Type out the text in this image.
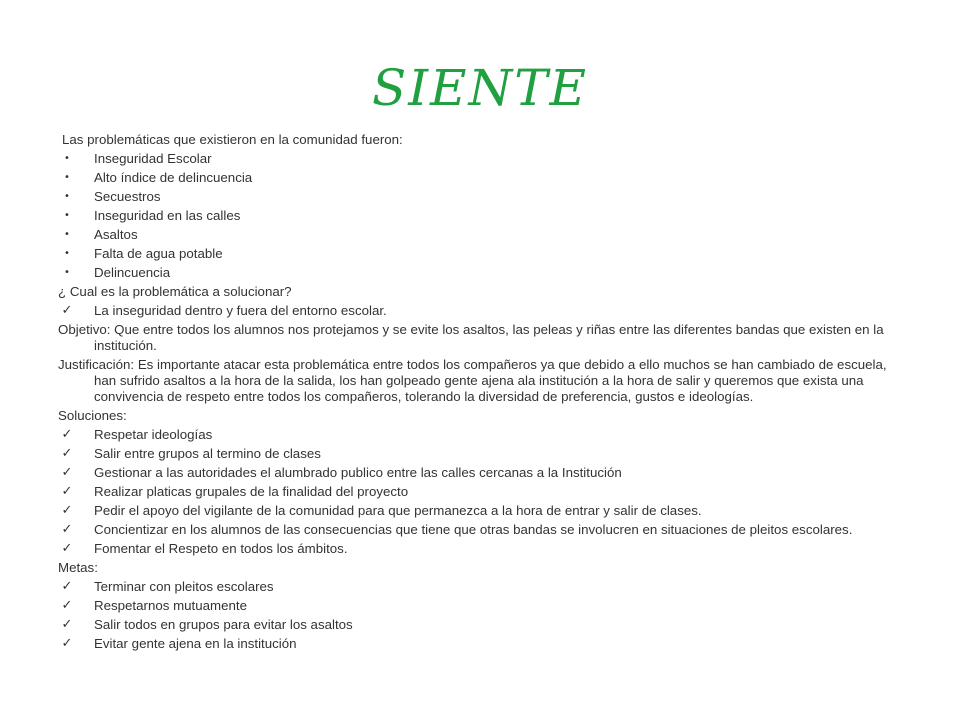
SIENTE
Las problemáticas que existieron en la comunidad fueron:
•	Inseguridad Escolar
•	Alto índice de delincuencia
•	Secuestros
•	Inseguridad en las calles
•	Asaltos
•	Falta de agua potable
•	Delincuencia
¿ Cual es la problemática a solucionar?
✓ La inseguridad dentro y fuera del entorno escolar.
Objetivo: Que entre todos los alumnos nos protejamos y se evite los asaltos, las peleas y riñas entre las diferentes bandas que existen en la institución.
Justificación: Es importante atacar esta problemática entre todos los compañeros ya que debido a ello muchos se han cambiado de escuela, han sufrido asaltos a la hora de la salida, los han golpeado gente ajena ala institución a la hora de salir y queremos que exista una convivencia de respeto entre todos los compañeros, tolerando la diversidad de preferencia, gustos e ideologías.
Soluciones:
✓ Respetar ideologías
✓ Salir entre grupos al termino de clases
✓ Gestionar a las autoridades el alumbrado publico entre las calles cercanas a la Institución
✓ Realizar platicas grupales de la finalidad del proyecto
✓ Pedir el apoyo del vigilante de la comunidad para que permanezca a la hora de entrar y salir de clases.
✓ Concientizar en los alumnos de las consecuencias que tiene que otras bandas se involucren en situaciones de pleitos escolares.
✓ Fomentar el Respeto en todos los ámbitos.
Metas:
✓ Terminar con pleitos escolares
✓ Respetarnos mutuamente
✓ Salir todos en grupos para evitar los asaltos
✓ Evitar gente ajena en la institución
